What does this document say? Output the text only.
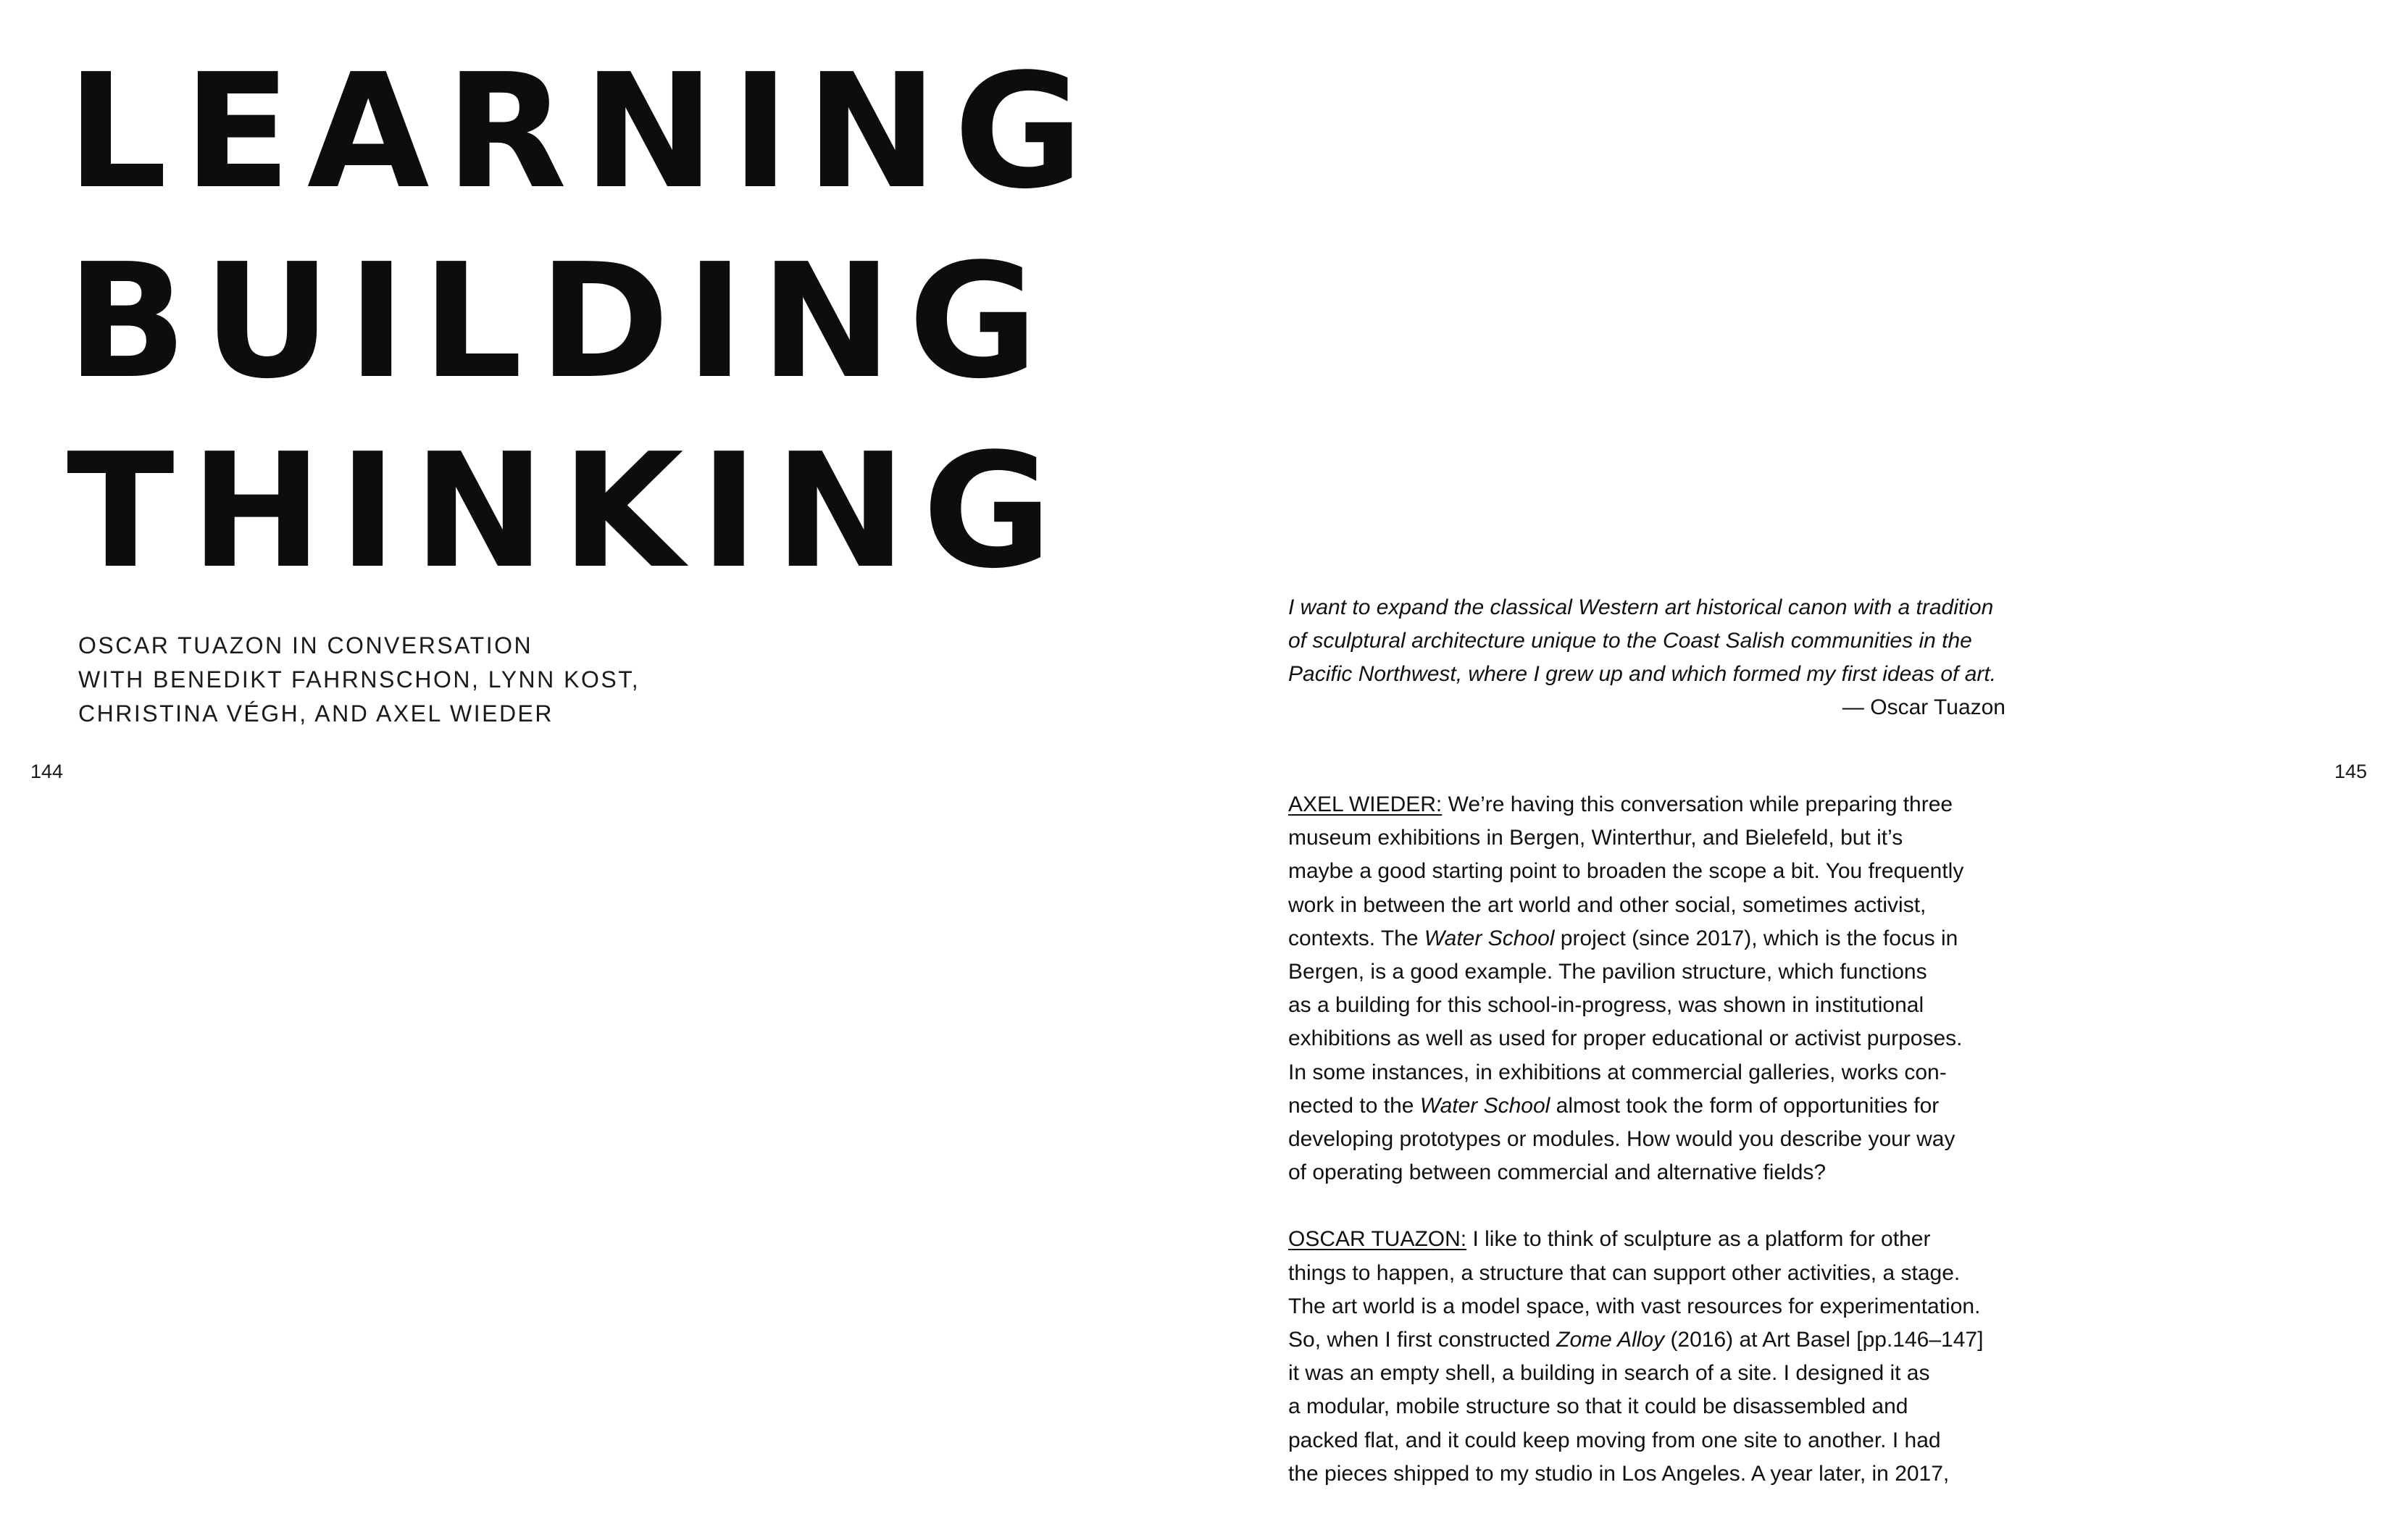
LEARNING
BUILDING
THINKING
OSCAR TUAZON IN CONVERSATION
WITH BENEDIKT FAHRNSCHON, LYNN KOST,
CHRISTINA VÉGH, AND AXEL WIEDER
144	145
I want to expand the classical Western art historical canon with a tradition
of sculptural architecture unique to the Coast Salish communities in the
Pacific Northwest, where I grew up and which formed my first ideas of art.
— Oscar Tuazon

AXEL WIEDER: We’re having this conversation while preparing three
museum exhibitions in Bergen, Winterthur, and Bielefeld, but it’s
maybe a good starting point to broaden the scope a bit. You frequently
work in between the art world and other social, sometimes activist,
contexts. The Water School project (since 2017), which is the focus in
Bergen, is a good example. The pavilion structure, which functions
as a building for this school-in-progress, was shown in institutional
exhibitions as well as used for proper educational or activist purposes.
In some instances, in exhibitions at commercial galleries, works con-
nected to the Water School almost took the form of opportunities for
developing prototypes or modules. How would you describe your way
of operating between commercial and alternative fields?

OSCAR TUAZON: I like to think of sculpture as a platform for other
things to happen, a structure that can support other activities, a stage.
The art world is a model space, with vast resources for experimentation.
So, when I first constructed Zome Alloy (2016) at Art Basel [pp.146–147]
it was an empty shell, a building in search of a site. I designed it as
a modular, mobile structure so that it could be disassembled and
packed flat, and it could keep moving from one site to another. I had
the pieces shipped to my studio in Los Angeles. A year later, in 2017,
